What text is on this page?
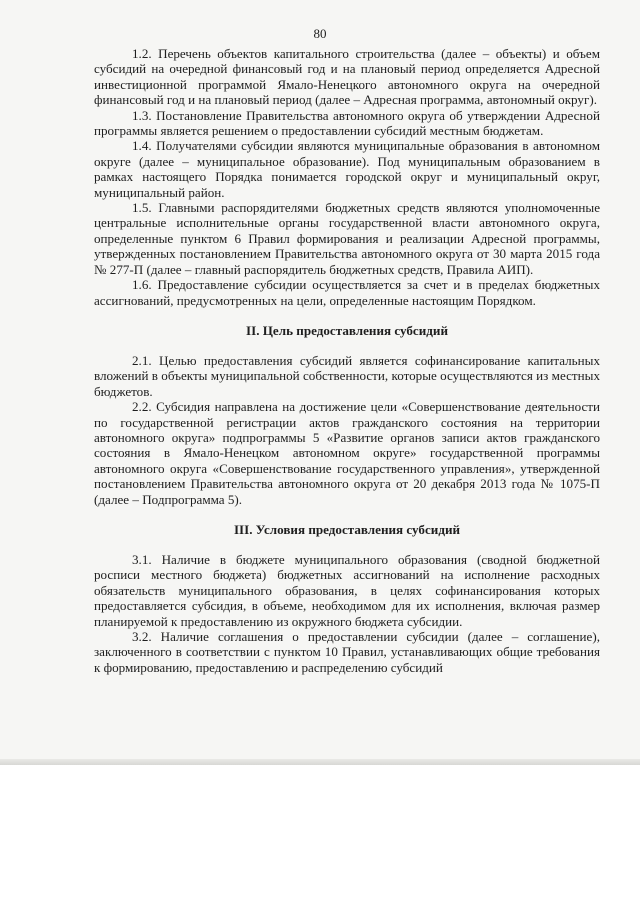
80

1.2. Перечень объектов капитального строительства (далее – объекты) и объем субсидий на очередной финансовый год и на плановый период определяется Адресной инвестиционной программой Ямало-Ненецкого автономного округа на очередной финансовый год и на плановый период (далее – Адресная программа, автономный округ).

1.3. Постановление Правительства автономного округа об утверждении Адресной программы является решением о предоставлении субсидий местным бюджетам.

1.4. Получателями субсидии являются муниципальные образования в автономном округе (далее – муниципальное образование). Под муниципальным образованием в рамках настоящего Порядка понимается городской округ и муниципальный округ, муниципальный район.

1.5. Главными распорядителями бюджетных средств являются уполномоченные центральные исполнительные органы государственной власти автономного округа, определенные пунктом 6 Правил формирования и реализации Адресной программы, утвержденных постановлением Правительства автономного округа от 30 марта 2015 года № 277-П (далее – главный распорядитель бюджетных средств, Правила АИП).

1.6. Предоставление субсидии осуществляется за счет и в пределах бюджетных ассигнований, предусмотренных на цели, определенные настоящим Порядком.

II. Цель предоставления субсидий

2.1. Целью предоставления субсидий является софинансирование капитальных вложений в объекты муниципальной собственности, которые осуществляются из местных бюджетов.

2.2. Субсидия направлена на достижение цели «Совершенствование деятельности по государственной регистрации актов гражданского состояния на территории автономного округа» подпрограммы 5 «Развитие органов записи актов гражданского состояния в Ямало-Ненецком автономном округе» государственной программы автономного округа «Совершенствование государственного управления», утвержденной постановлением Правительства автономного округа от 20 декабря 2013 года № 1075-П (далее – Подпрограмма 5).

III. Условия предоставления субсидий

3.1. Наличие в бюджете муниципального образования (сводной бюджетной росписи местного бюджета) бюджетных ассигнований на исполнение расходных обязательств муниципального образования, в целях софинансирования которых предоставляется субсидия, в объеме, необходимом для их исполнения, включая размер планируемой к предоставлению из окружного бюджета субсидии.

3.2. Наличие соглашения о предоставлении субсидии (далее – соглашение), заключенного в соответствии с пунктом 10 Правил, устанавливающих общие требования к формированию, предоставлению и распределению субсидий
